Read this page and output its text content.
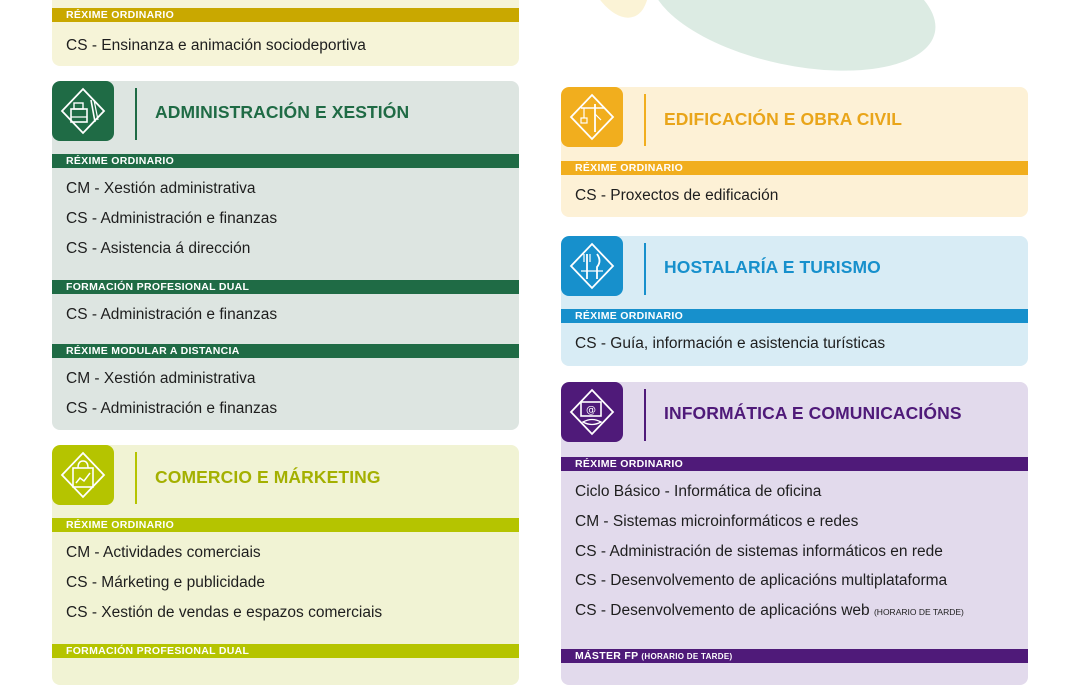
RÉXIME ORDINARIO
CS - Ensinanza e animación sociodeportiva
ADMINISTRACIÓN E XESTIÓN
RÉXIME ORDINARIO
CM - Xestión administrativa
CS - Administración e finanzas
CS - Asistencia á dirección
FORMACIÓN PROFESIONAL DUAL
CS - Administración e finanzas
RÉXIME MODULAR A DISTANCIA
CM - Xestión administrativa
CS - Administración e finanzas
COMERCIO E MÁRKETING
RÉXIME ORDINARIO
CM - Actividades comerciais
CS - Márketing e publicidade
CS - Xestión de vendas e espazos comerciais
FORMACIÓN PROFESIONAL DUAL
EDIFICACIÓN E OBRA CIVIL
RÉXIME ORDINARIO
CS - Proxectos de edificación
HOSTALARÍA E TURISMO
RÉXIME ORDINARIO
CS - Guía, información e asistencia turísticas
@	INFORMÁTICA E COMUNICACIÓNS
RÉXIME ORDINARIO
Ciclo Básico - Informática de oficina
CM - Sistemas microinformáticos e redes
CS - Administración de sistemas informáticos en rede
CS - Desenvolvemento de aplicacións multiplataforma
CS - Desenvolvemento de aplicacións web (HORARIO DE TARDE)
MÁSTER FP (HORARIO DE TARDE)
